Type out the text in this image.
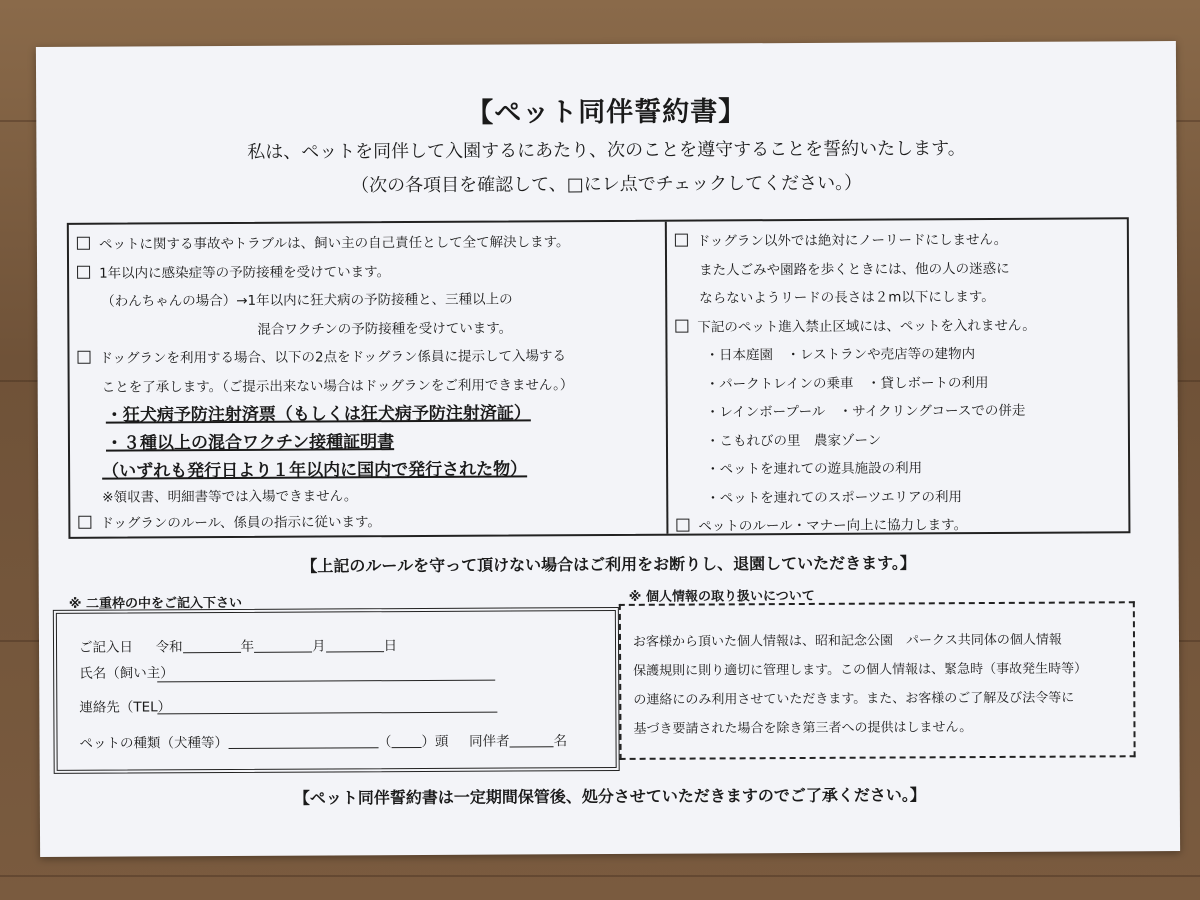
【ペット同伴誓約書】
私は、ペットを同伴して入園するにあたり、次のことを遵守することを誓約いたします。
（次の各項目を確認して、□にレ点でチェックしてください。）
ペットに関する事故やトラブルは、飼い主の自己責任として全て解決します。
1年以内に感染症等の予防接種を受けています。
（わんちゃんの場合）→1年以内に狂犬病の予防接種と、三種以上の
混合ワクチンの予防接種を受けています。
ドッグランを利用する場合、以下の2点をドッグラン係員に提示して入場する
ことを了承します。（ご提示出来ない場合はドッグランをご利用できません。）
・狂犬病予防注射済票（もしくは狂犬病予防注射済証）
・３種以上の混合ワクチン接種証明書
（いずれも発行日より１年以内に国内で発行された物）
※領収書、明細書等では入場できません。
ドッグランのルール、係員の指示に従います。
ドッグラン以外では絶対にノーリードにしません。
また人ごみや園路を歩くときには、他の人の迷惑に
ならないようリードの長さは２m以下にします。
下記のペット進入禁止区域には、ペットを入れません。
・日本庭園　・レストランや売店等の建物内
・パークトレインの乗車　・貸しボートの利用
・レインボープール　・サイクリングコースでの併走
・こもれびの里　農家ゾーン
・ペットを連れての遊具施設の利用
・ペットを連れてのスポーツエリアの利用
ペットのルール・マナー向上に協力します。
【上記のルールを守って頂けない場合はご利用をお断りし、退園していただきます。】
※ 二重枠の中をご記入下さい
ご記入日 令和	年	月	日
氏名（飼い主）
連絡先（TEL）
ペットの種類（犬種等）	（ ）頭 同伴者	名
※ 個人情報の取り扱いについて
お客様から頂いた個人情報は、昭和記念公園　パークス共同体の個人情報
保護規則に則り適切に管理します。この個人情報は、緊急時（事故発生時等）
の連絡にのみ利用させていただきます。また、お客様のご了解及び法令等に
基づき要請された場合を除き第三者への提供はしません。
【ペット同伴誓約書は一定期間保管後、処分させていただきますのでご了承ください。】
